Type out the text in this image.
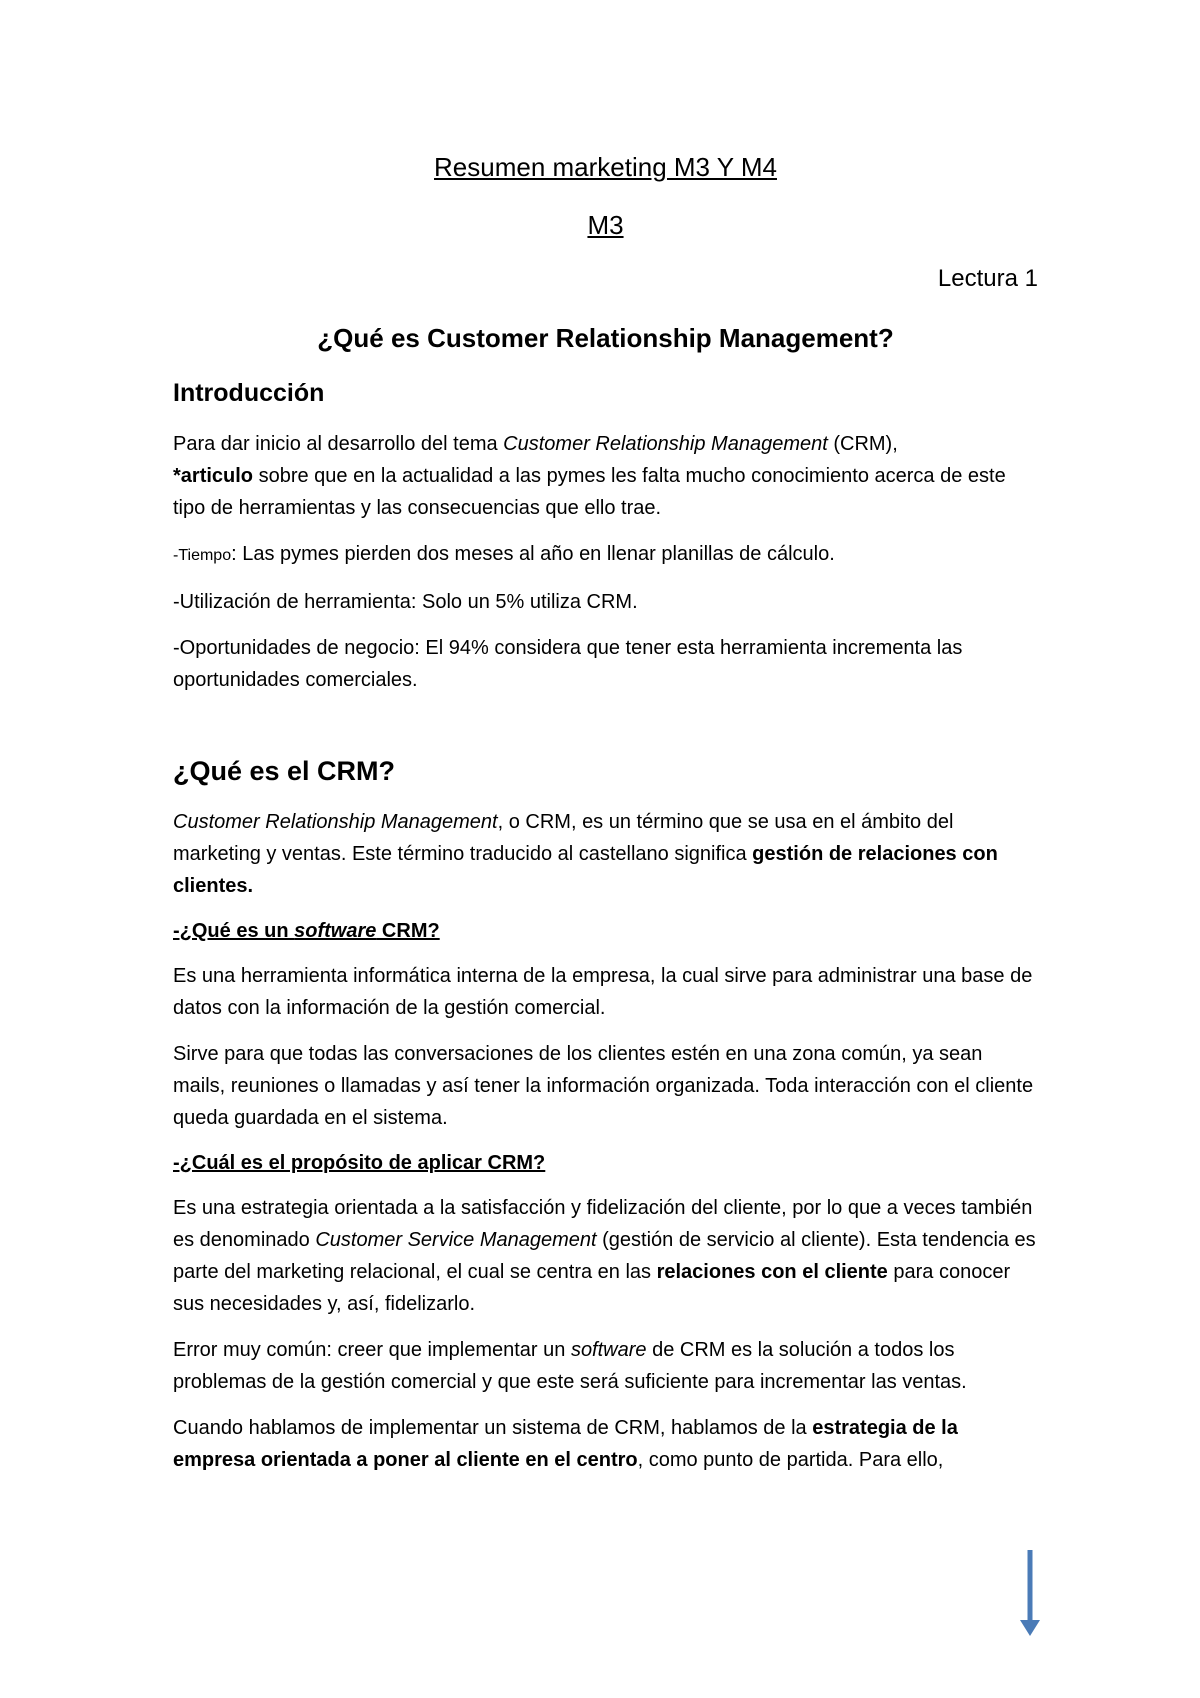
Resumen marketing M3 Y M4
M3
Lectura 1
¿Qué es Customer Relationship Management?
Introducción

Para dar inicio al desarrollo del tema Customer Relationship Management (CRM),
*articulo sobre que en la actualidad a las pymes les falta mucho conocimiento acerca de este tipo de herramientas y las consecuencias que ello trae.

-Tiempo: Las pymes pierden dos meses al año en llenar planillas de cálculo.

-Utilización de herramienta: Solo un 5% utiliza CRM.

-Oportunidades de negocio: El 94% considera que tener esta herramienta incrementa las oportunidades comerciales.

¿Qué es el CRM?

Customer Relationship Management, o CRM, es un término que se usa en el ámbito del marketing y ventas. Este término traducido al castellano significa gestión de relaciones con clientes.

-¿Qué es un software CRM?

Es una herramienta informática interna de la empresa, la cual sirve para administrar una base de datos con la información de la gestión comercial.

Sirve para que todas las conversaciones de los clientes estén en una zona común, ya sean mails, reuniones o llamadas y así tener la información organizada. Toda interacción con el cliente queda guardada en el sistema.

-¿Cuál es el propósito de aplicar CRM?

Es una estrategia orientada a la satisfacción y fidelización del cliente, por lo que a veces también es denominado Customer Service Management (gestión de servicio al cliente). Esta tendencia es parte del marketing relacional, el cual se centra en las relaciones con el cliente para conocer sus necesidades y, así, fidelizarlo.

Error muy común: creer que implementar un software de CRM es la solución a todos los problemas de la gestión comercial y que este será suficiente para incrementar las ventas.

Cuando hablamos de implementar un sistema de CRM, hablamos de la estrategia de la empresa orientada a poner al cliente en el centro, como punto de partida. Para ello,
